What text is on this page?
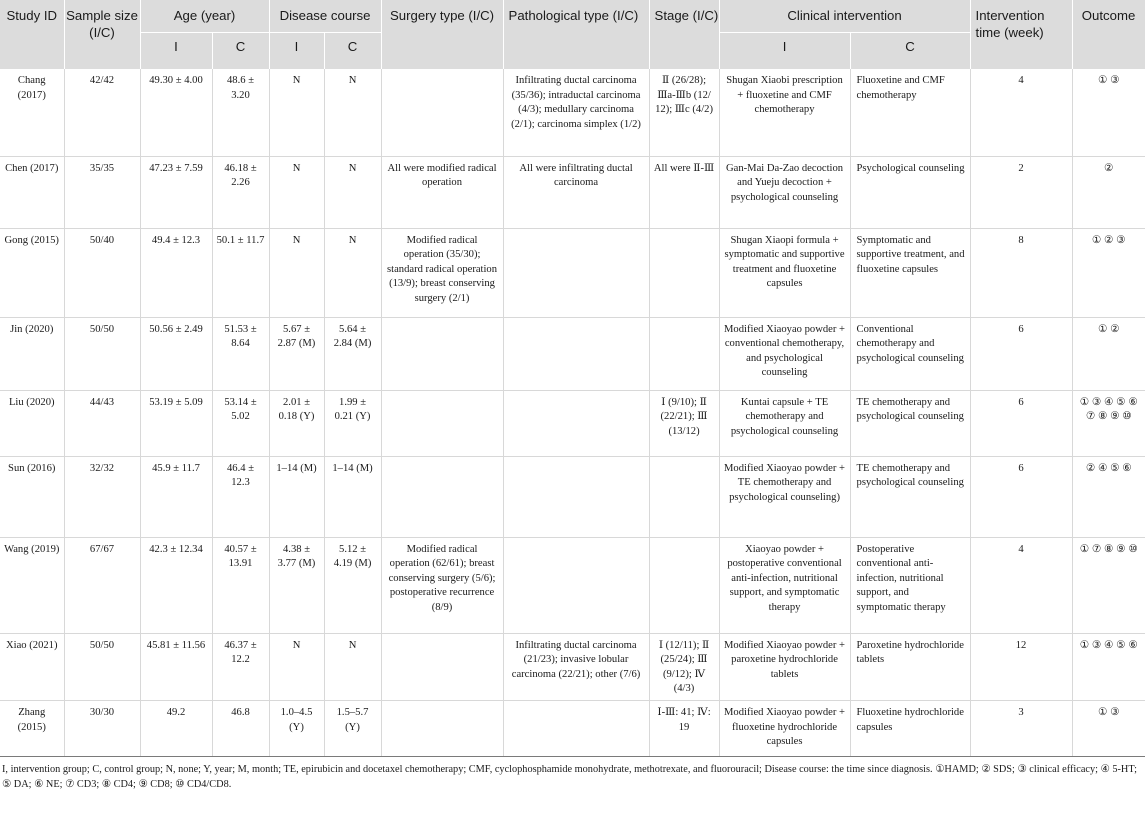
Study ID	Sample size (I/C)	Age (year)		Disease course		Surgery type (I/C)	Pathological type (I/C)	Stage (I/C)	Clinical intervention		Intervention time (week)	Outcome
		I	C	I	C				I	C		
Chang (2017)	42/42	49.30 ± 4.00	48.6 ± 3.20	N	N		Infiltrating ductal carcinoma (35/36); intraductal carcinoma (4/3); medullary carcinoma (2/1); carcinoma simplex (1/2)	Ⅱ (26/28); Ⅲa-Ⅲb (12/ 12); Ⅲc (4/2)	Shugan Xiaobi prescription + fluoxetine and CMF chemotherapy	Fluoxetine and CMF chemotherapy	4	① ③
Chen (2017)	35/35	47.23 ± 7.59	46.18 ± 2.26	N	N	All were modified radical operation	All were infiltrating ductal carcinoma	All were Ⅱ-Ⅲ	Gan-Mai Da-Zao decoction and Yueju decoction + psychological counseling	Psychological counseling	2	②
Gong (2015)	50/40	49.4 ± 12.3	50.1 ± 11.7	N	N	Modified radical operation (35/30); standard radical operation (13/9); breast conserving surgery (2/1)			Shugan Xiaopi formula + symptomatic and supportive treatment and fluoxetine capsules	Symptomatic and supportive treatment, and fluoxetine capsules	8	① ② ③
Jin (2020)	50/50	50.56 ± 2.49	51.53 ± 8.64	5.67 ± 2.87 (M)	5.64 ± 2.84 (M)				Modified Xiaoyao powder + conventional chemotherapy, and psychological counseling	Conventional chemotherapy and psychological counseling	6	① ②
Liu (2020)	44/43	53.19 ± 5.09	53.14 ± 5.02	2.01 ± 0.18 (Y)	1.99 ± 0.21 (Y)			Ⅰ (9/10); Ⅱ (22/21); Ⅲ (13/12)	Kuntai capsule + TE chemotherapy and psychological counseling	TE chemotherapy and psychological counseling	6	① ③ ④ ⑤ ⑥ ⑦ ⑧ ⑨ ⑩
Sun (2016)	32/32	45.9 ± 11.7	46.4 ± 12.3	1–14 (M)	1–14 (M)				Modified Xiaoyao powder + TE chemotherapy and psychological counseling)	TE chemotherapy and psychological counseling	6	② ④ ⑤ ⑥
Wang (2019)	67/67	42.3 ± 12.34	40.57 ± 13.91	4.38 ± 3.77 (M)	5.12 ± 4.19 (M)	Modified radical operation (62/61); breast conserving surgery (5/6); postoperative recurrence (8/9)			Xiaoyao powder + postoperative conventional anti-infection, nutritional support, and symptomatic therapy	Postoperative conventional anti-infection, nutritional support, and symptomatic therapy	4	① ⑦ ⑧ ⑨ ⑩
Xiao (2021)	50/50	45.81 ± 11.56	46.37 ± 12.2	N	N		Infiltrating ductal carcinoma (21/23); invasive lobular carcinoma (22/21); other (7/6)	Ⅰ (12/11); Ⅱ (25/24); Ⅲ (9/12); Ⅳ (4/3)	Modified Xiaoyao powder + paroxetine hydrochloride tablets	Paroxetine hydrochloride tablets	12	① ③ ④ ⑤ ⑥
Zhang (2015)	30/30	49.2	46.8	1.0–4.5 (Y)	1.5–5.7 (Y)			Ⅰ-Ⅲ: 41; Ⅳ: 19	Modified Xiaoyao powder + fluoxetine hydrochloride capsules	Fluoxetine hydrochloride capsules	3	① ③
I, intervention group; C, control group; N, none; Y, year; M, month; TE, epirubicin and docetaxel chemotherapy; CMF, cyclophosphamide monohydrate, methotrexate, and fluorouracil; Disease course: the time since diagnosis. ①HAMD; ② SDS; ③ clinical efficacy; ④ 5-HT; ⑤ DA; ⑥ NE; ⑦ CD3; ⑧ CD4; ⑨ CD8; ⑩ CD4/CD8.
